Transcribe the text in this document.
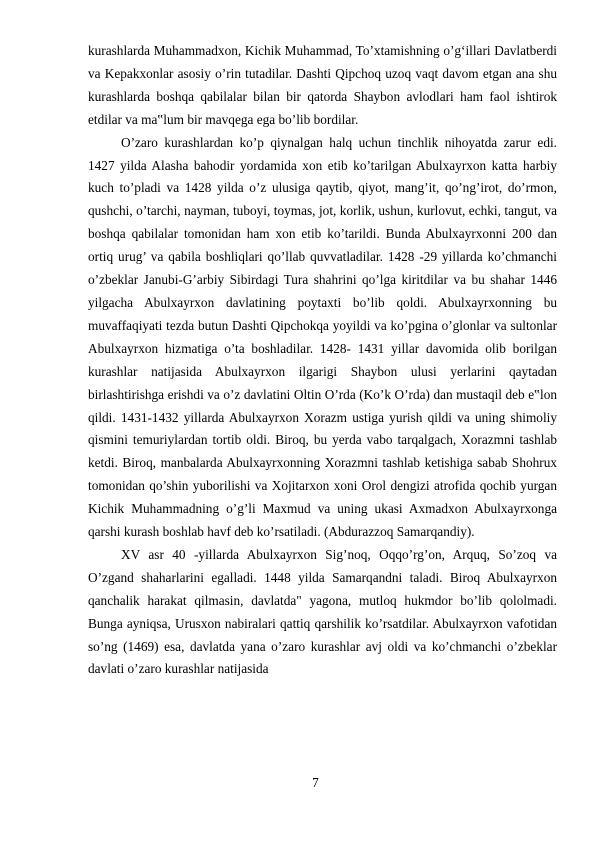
kurashlarda Muhammadxon, Kichik Muhammad, To’xtamishning o’gʻillari Davlatberdi va Kepakxonlar asosiy o’rin tutadilar. Dashti Qipchoq uzoq vaqt davom etgan ana shu kurashlarda boshqa qabilalar bilan bir qatorda Shaybon avlodlari ham faol ishtirok etdilar va ma‟lum bir mavqega ega bo’lib bordilar.

O’zaro kurashlardan ko’p qiynalgan halq uchun tinchlik nihoyatda zarur edi. 1427 yilda Alasha bahodir yordamida xon etib ko’tarilgan Abulxayrxon katta harbiy kuch to’pladi va 1428 yilda o’z ulusiga qaytib, qiyot, mang’it, qo’ng’irot, do’rmon, qushchi, o’tarchi, nayman, tuboyi, toymas, jot, korlik, ushun, kurlovut, echki, tangut, va boshqa qabilalar tomonidan ham xon etib ko’tarildi. Bunda Abulxayrxonni 200 dan ortiq urug’ va qabila boshliqlari qo’llab quvvatladilar. 1428 -29 yillarda ko’chmanchi o’zbeklar Janubi-G’arbiy Sibirdagi Tura shahrini qo’lga kiritdilar va bu shahar 1446 yilgacha Abulxayrxon davlatining poytaxti bo’lib qoldi. Abulxayrxonning bu muvaffaqiyati tezda butun Dashti Qipchokqa yoyildi va ko’pgina o’glonlar va sultonlar Abulxayrxon hizmatiga o’ta boshladilar. 1428- 1431 yillar davomida olib borilgan kurashlar natijasida Abulxayrxon ilgarigi Shaybon ulusi yerlarini qaytadan birlashtirishga erishdi va o’z davlatini Oltin O’rda (Ko’k O’rda) dan mustaqil deb e‟lon qildi. 1431-1432 yillarda Abulxayrxon Xorazm ustiga yurish qildi va uning shimoliy qismini temuriylardan tortib oldi. Biroq, bu yerda vabo tarqalgach, Xorazmni tashlab ketdi. Biroq, manbalarda Abulxayrxonning Xorazmni tashlab ketishiga sabab Shohrux tomonidan qo’shin yuborilishi va Xojitarxon xoni Orol dengizi atrofida qochib yurgan Kichik Muhammadning o’g’li Maxmud va uning ukasi Axmadxon Abulxayrxonga qarshi kurash boshlab havf deb ko’rsatiladi. (Abdurazzoq Samarqandiy).

XV asr 40 -yillarda Abulxayrxon Sig’noq, Oqqo’rg’on, Arquq, So’zoq va O’zgand shaharlarini egalladi. 1448 yilda Samarqandni taladi. Biroq Abulxayrxon qanchalik harakat qilmasin, davlatda" yagona, mutloq hukmdor bo’lib qololmadi. Bunga ayniqsa, Urusxon nabiralari qattiq qarshilik ko’rsatdilar. Abulxayrxon vafotidan so’ng (1469) esa, davlatda yana o’zaro kurashlar avj oldi va ko’chmanchi o’zbeklar davlati o’zaro kurashlar natijasida

7
